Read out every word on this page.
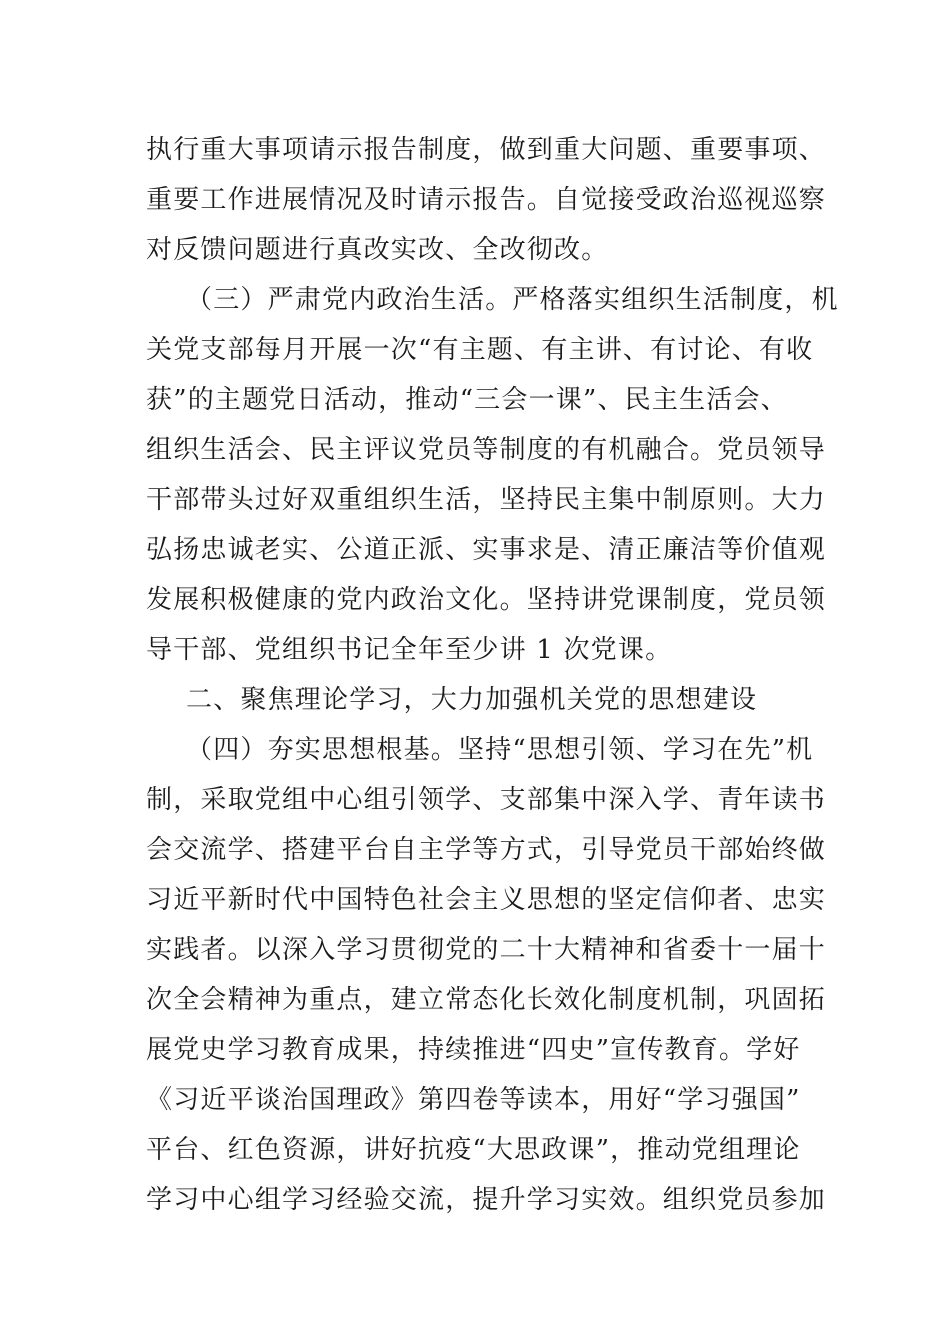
执行重大事项请示报告制度，做到重大问题、重要事项、
重要工作进展情况及时请示报告。自觉接受政治巡视巡察
对反馈问题进行真改实改、全改彻改。
（三）严肃党内政治生活。严格落实组织生活制度，机
关党支部每月开展一次“有主题、有主讲、有讨论、有收
获”的主题党日活动，推动“三会一课”、民主生活会、
组织生活会、民主评议党员等制度的有机融合。党员领导
干部带头过好双重组织生活，坚持民主集中制原则。大力
弘扬忠诚老实、公道正派、实事求是、清正廉洁等价值观
发展积极健康的党内政治文化。坚持讲党课制度，党员领
导干部、党组织书记全年至少讲 1 次党课。
二、聚焦理论学习，大力加强机关党的思想建设
（四）夯实思想根基。坚持“思想引领、学习在先”机
制，采取党组中心组引领学、支部集中深入学、青年读书
会交流学、搭建平台自主学等方式，引导党员干部始终做
习近平新时代中国特色社会主义思想的坚定信仰者、忠实
实践者。以深入学习贯彻党的二十大精神和省委十一届十
次全会精神为重点，建立常态化长效化制度机制，巩固拓
展党史学习教育成果，持续推进“四史”宣传教育。学好
《习近平谈治国理政》第四卷等读本，用好“学习强国”
平台、红色资源，讲好抗疫“大思政课”，推动党组理论
学习中心组学习经验交流，提升学习实效。组织党员参加
